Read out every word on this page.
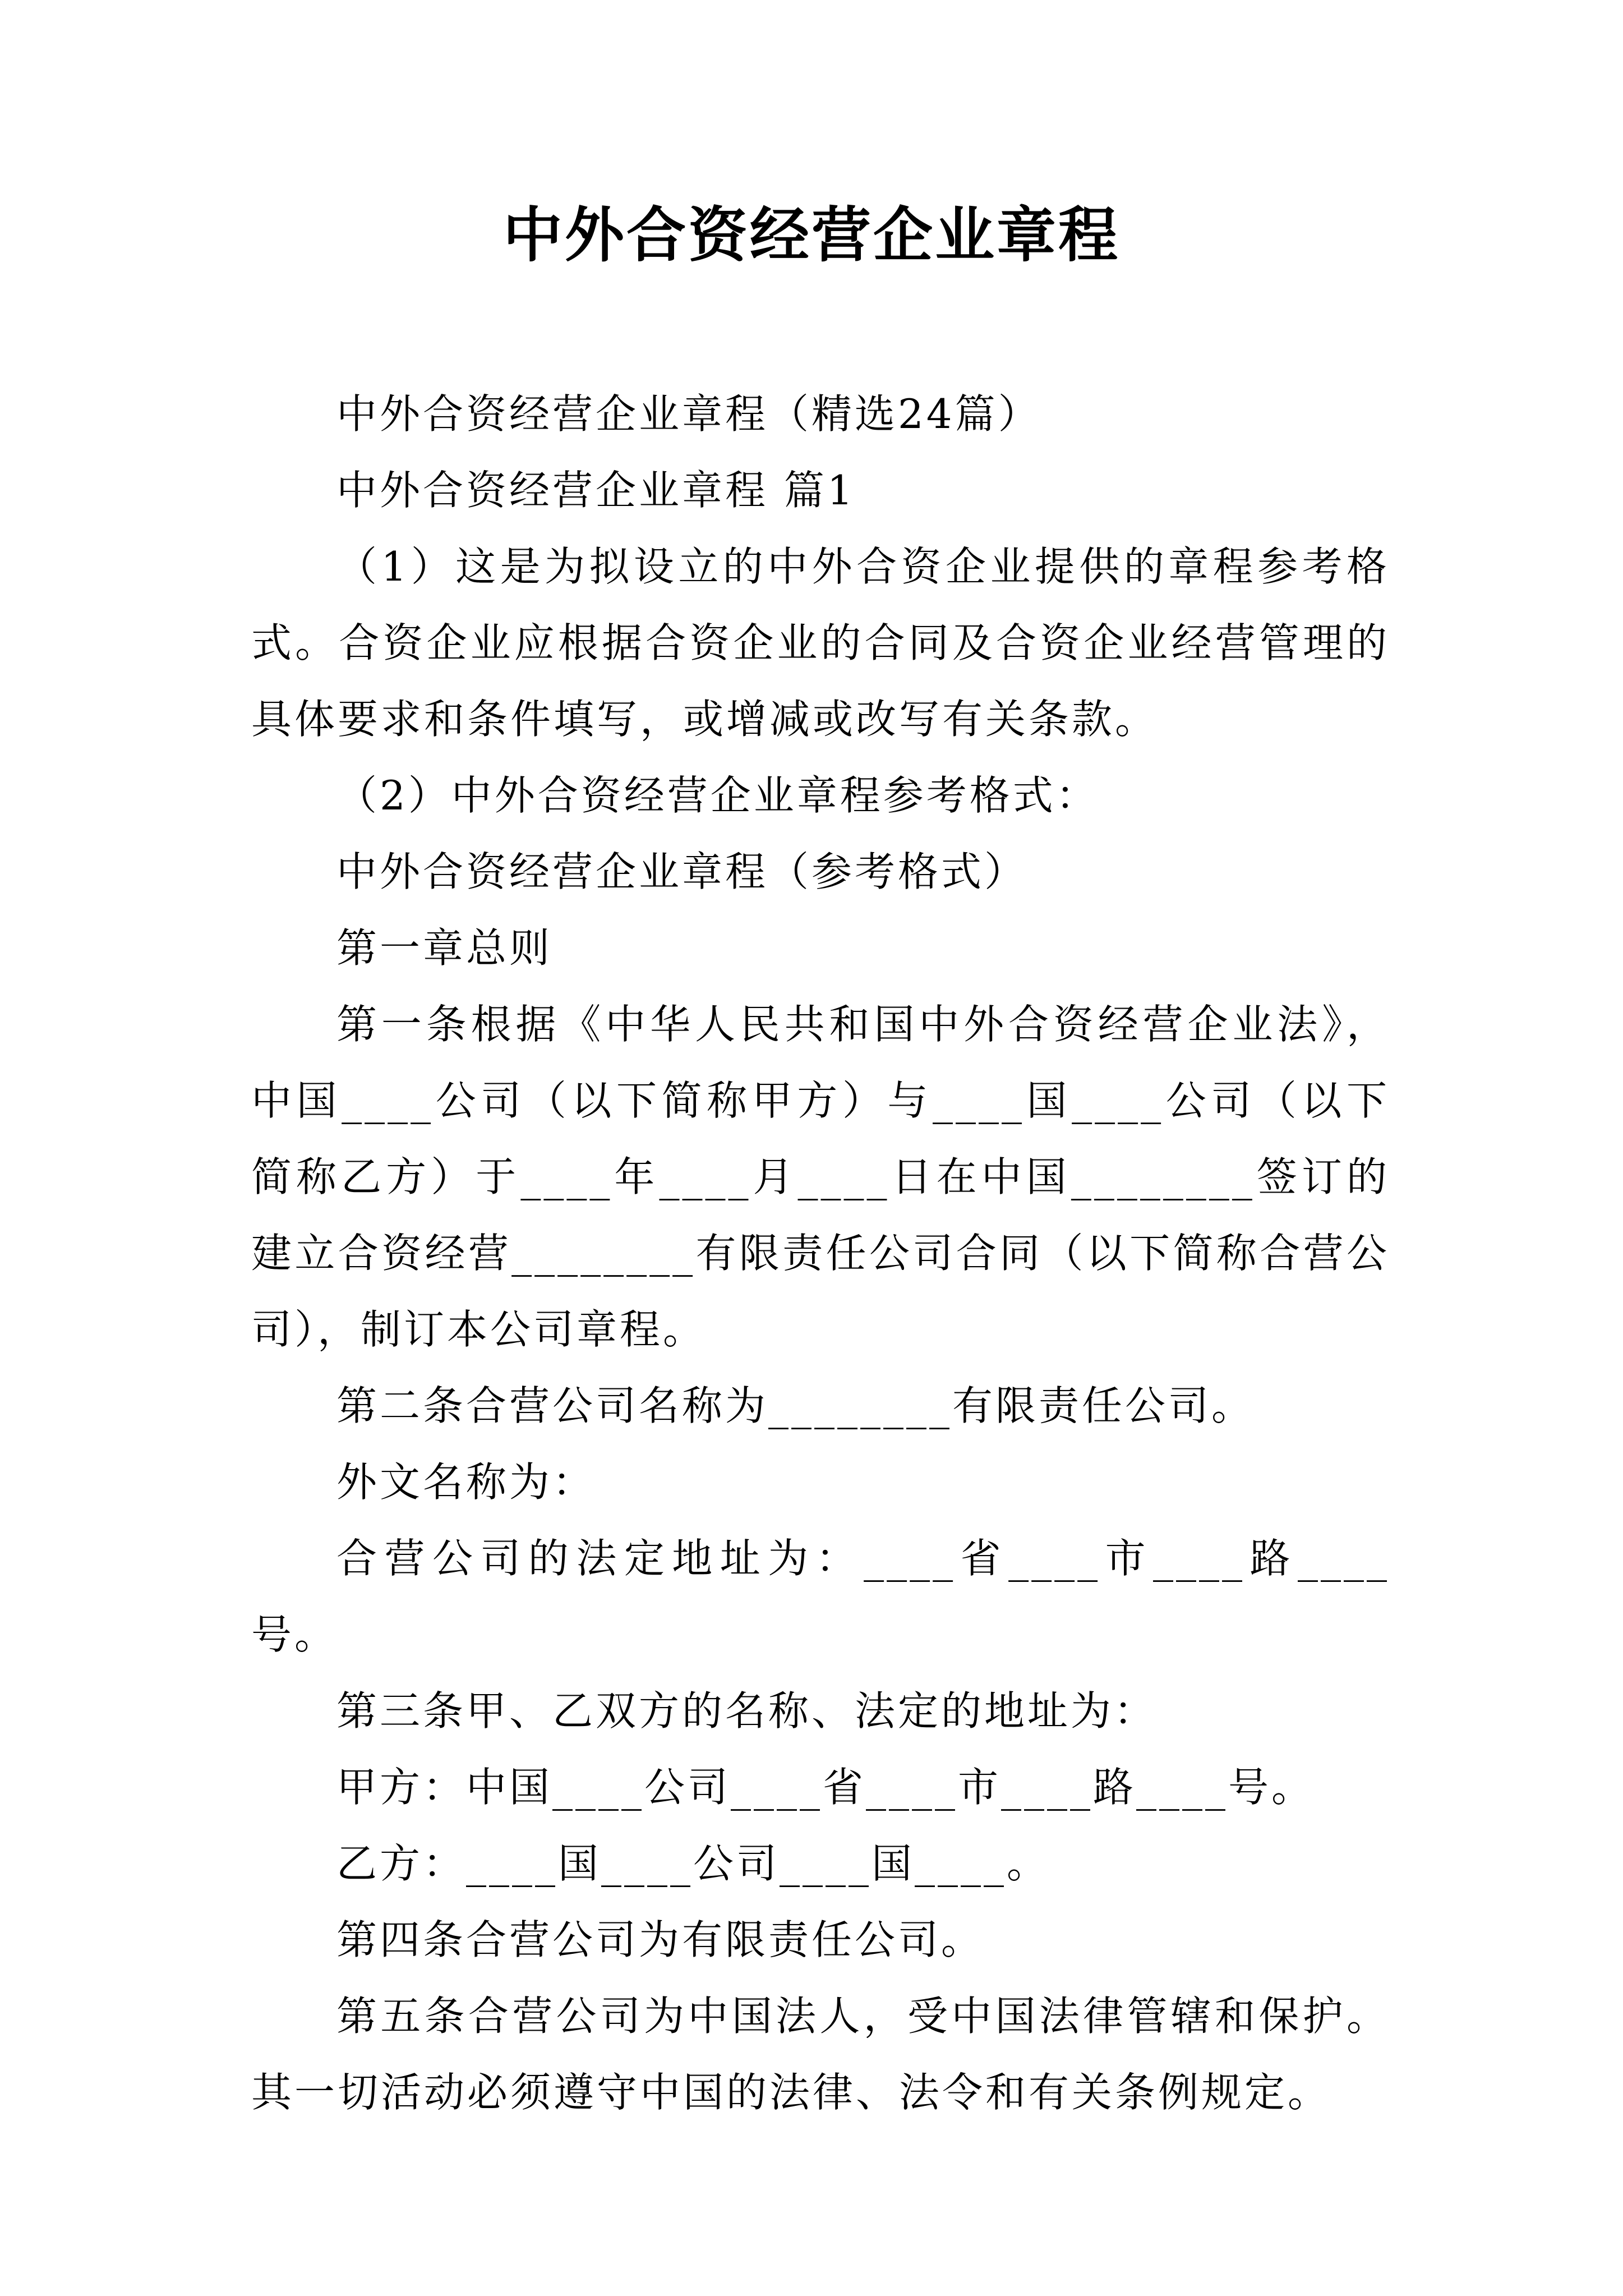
中外合资经营企业章程

中外合资经营企业章程（精选24篇）

中外合资经营企业章程 篇1

（1）这是为拟设立的中外合资企业提供的章程参考格式。合资企业应根据合资企业的合同及合资企业经营管理的具体要求和条件填写，或增减或改写有关条款。

（2）中外合资经营企业章程参考格式：

中外合资经营企业章程（参考格式）

第一章总则

第一条根据《中华人民共和国中外合资经营企业法》，中国____公司（以下简称甲方）与____国____公司（以下简称乙方）于____年____月____日在中国________签订的建立合资经营________有限责任公司合同（以下简称合营公司），制订本公司章程。

第二条合营公司名称为________有限责任公司。

外文名称为：

合营公司的法定地址为：____省____市____路____号。

第三条甲、乙双方的名称、法定的地址为：

甲方：中国____公司____省____市____路____号。

乙方：____国____公司____国____。

第四条合营公司为有限责任公司。

第五条合营公司为中国法人，受中国法律管辖和保护。其一切活动必须遵守中国的法律、法令和有关条例规定。
